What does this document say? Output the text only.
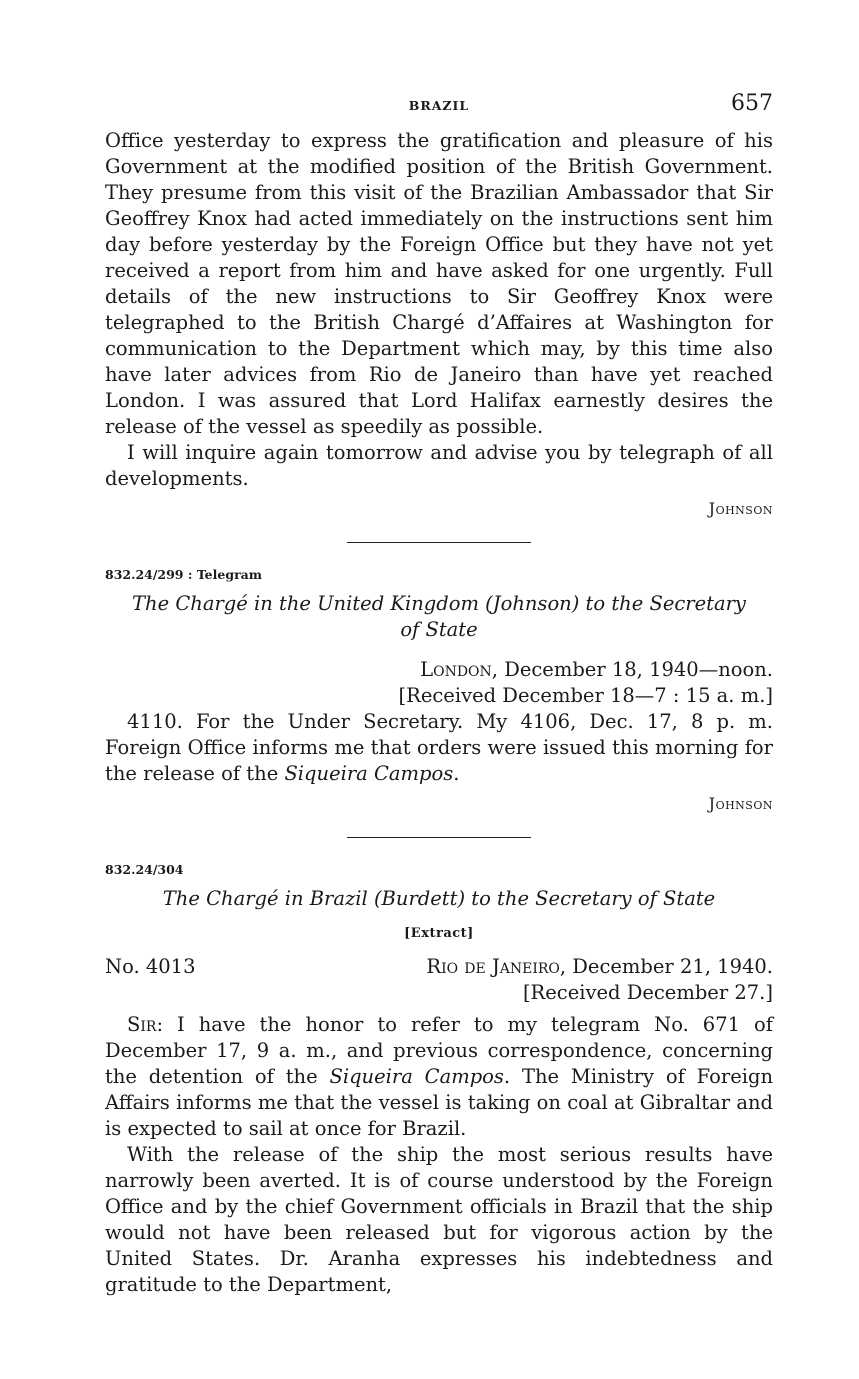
BRAZIL	657

Office yesterday to express the gratification and pleasure of his Government at the modified position of the British Government. They presume from this visit of the Brazilian Ambassador that Sir Geoffrey Knox had acted immediately on the instructions sent him day before yesterday by the Foreign Office but they have not yet received a report from him and have asked for one urgently. Full details of the new instructions to Sir Geoffrey Knox were telegraphed to the British Chargé d’Affaires at Washington for communication to the Department which may, by this time also have later advices from Rio de Janeiro than have yet reached London. I was assured that Lord Halifax earnestly desires the release of the vessel as speedily as possible.

I will inquire again tomorrow and advise you by telegraph of all developments.

Johnson
832.24/299 : Telegram
The Chargé in the United Kingdom (Johnson) to the Secretary
of State
London, December 18, 1940—noon.
[Received December 18—7 : 15 a. m.]

4110. For the Under Secretary. My 4106, Dec. 17, 8 p. m. Foreign Office informs me that orders were issued this morning for the release of the Siqueira Campos.

Johnson
832.24/304
The Chargé in Brazil (Burdett) to the Secretary of State
[Extract]
No. 4013	Rio de Janeiro, December 21, 1940.
[Received December 27.]

Sir: I have the honor to refer to my telegram No. 671 of December 17, 9 a. m., and previous correspondence, concerning the detention of the Siqueira Campos. The Ministry of Foreign Affairs informs me that the vessel is taking on coal at Gibraltar and is expected to sail at once for Brazil.

With the release of the ship the most serious results have narrowly been averted. It is of course understood by the Foreign Office and by the chief Government officials in Brazil that the ship would not have been released but for vigorous action by the United States. Dr. Aranha expresses his indebtedness and gratitude to the Department,
